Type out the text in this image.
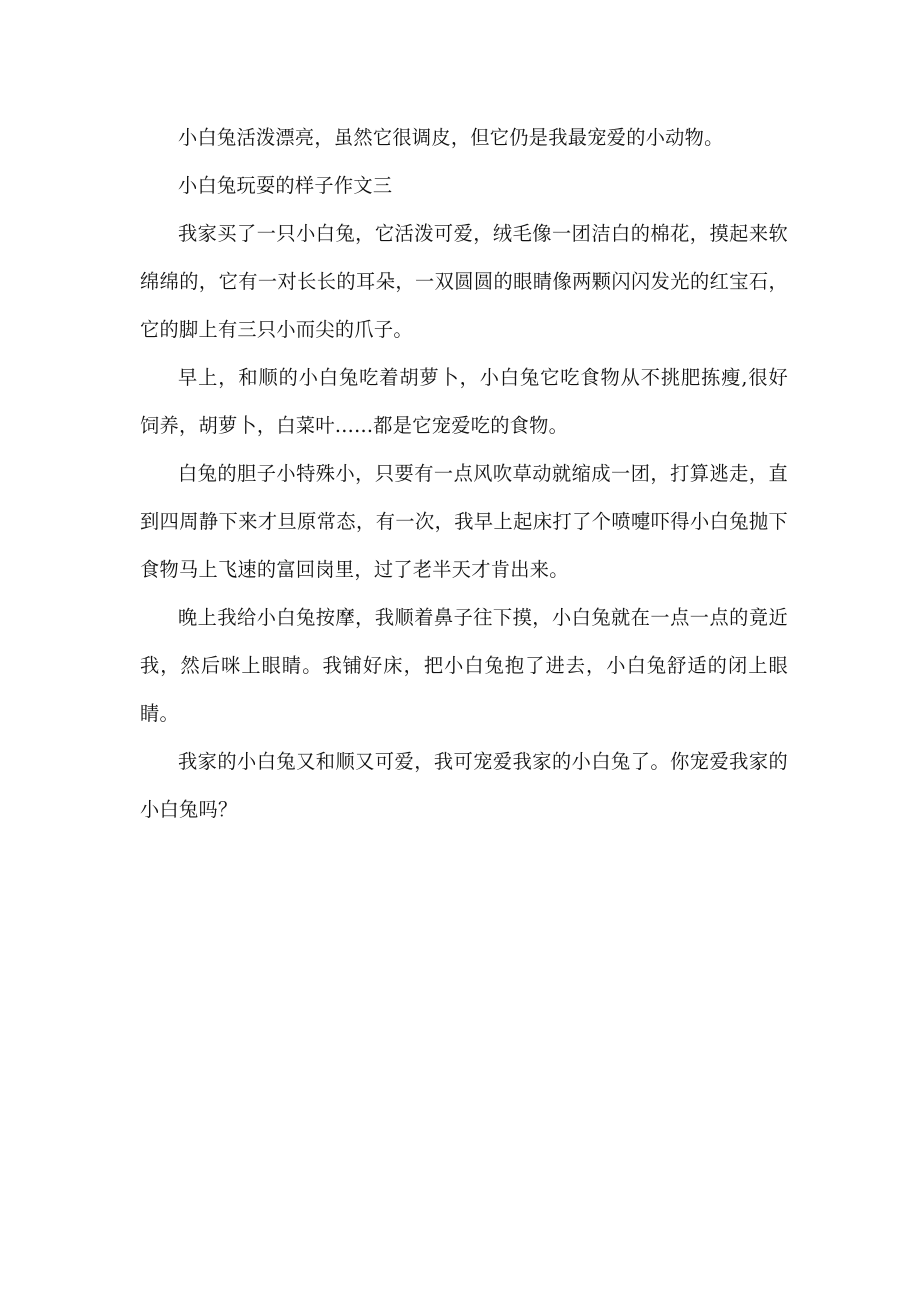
小白兔活泼漂亮，虽然它很调皮，但它仍是我最宠爱的小动物。

小白兔玩耍的样子作文三

我家买了一只小白兔，它活泼可爱，绒毛像一团洁白的棉花，摸起来软绵绵的，它有一对长长的耳朵，一双圆圆的眼睛像两颗闪闪发光的红宝石，它的脚上有三只小而尖的爪子。

早上，和顺的小白兔吃着胡萝卜，小白兔它吃食物从不挑肥拣瘦,很好饲养，胡萝卜，白菜叶......都是它宠爱吃的食物。

白兔的胆子小特殊小，只要有一点风吹草动就缩成一团，打算逃走，直到四周静下来才旦原常态，有一次，我早上起床打了个喷嚏吓得小白兔抛下食物马上飞速的富回岗里，过了老半天才肯出来。

晚上我给小白兔按摩，我顺着鼻子往下摸，小白兔就在一点一点的竟近我，然后咪上眼睛。我铺好床，把小白兔抱了进去，小白兔舒适的闭上眼睛。

我家的小白兔又和顺又可爱，我可宠爱我家的小白兔了。你宠爱我家的小白兔吗？
